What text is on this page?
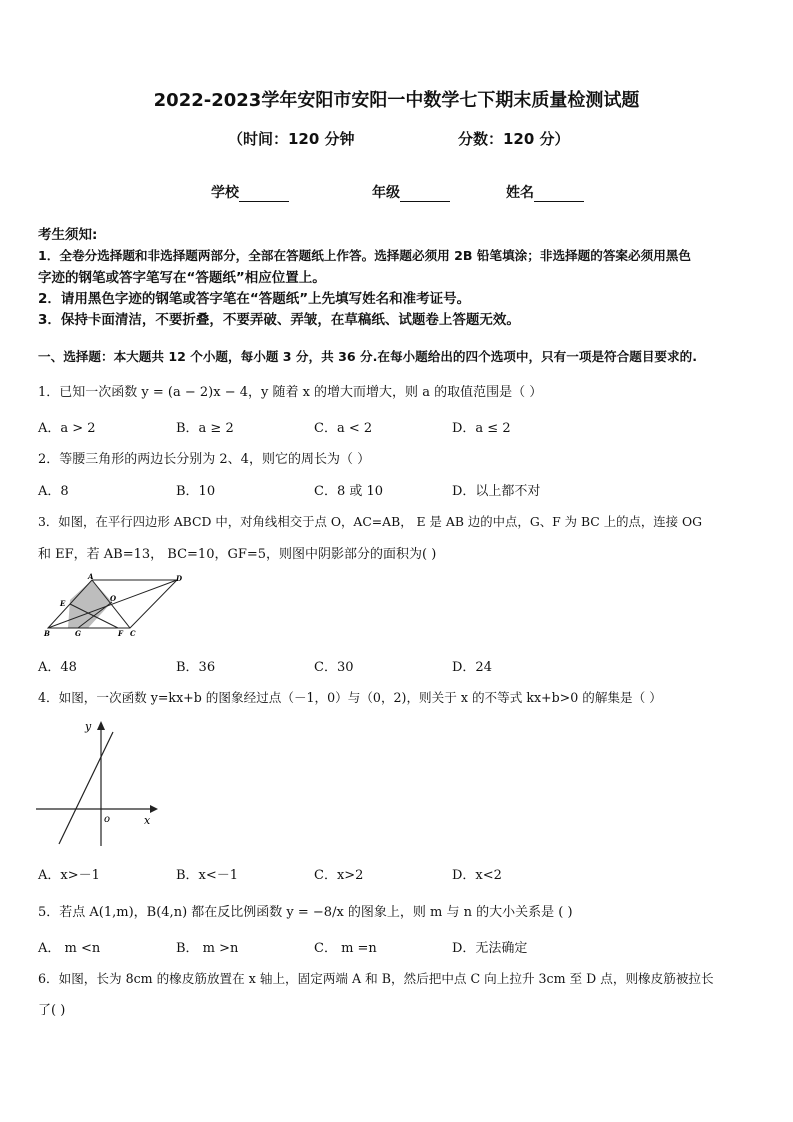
2022-2023学年安阳市安阳一中数学七下期末质量检测试题
（时间：120 分钟	分数：120 分）
学校	年级	姓名
考生须知:
1．全卷分选择题和非选择题两部分，全部在答题纸上作答。选择题必须用 2B 铅笔填涂；非选择题的答案必须用黑色
字迹的钢笔或答字笔写在“答题纸”相应位置上。
2．请用黑色字迹的钢笔或答字笔在“答题纸”上先填写姓名和准考证号。
3．保持卡面清洁，不要折叠，不要弄破、弄皱，在草稿纸、试题卷上答题无效。
一、选择题：本大题共 12 个小题，每小题 3 分，共 36 分.在每小题给出的四个选项中，只有一项是符合题目要求的.
1．已知一次函数 y = (a − 2)x − 4，y 随着 x 的增大而增大，则 a 的取值范围是（ ）
A．a > 2	B．a ≥ 2	C．a < 2	D．a ≤ 2
2．等腰三角形的两边长分别为 2、4，则它的周长为（ ）
A．8	B．10	C．8 或 10	D．以上都不对
3．如图，在平行四边形 ABCD 中，对角线相交于点 O，AC=AB， E 是 AB 边的中点，G、F 为 BC 上的点，连接 OG
和 EF，若 AB=13， BC=10，GF=5，则图中阴影部分的面积为( )
A	D
E
O
B	G	F C
A．48	B．36	C．30	D．24
4．如图，一次函数 y=kx+b 的图象经过点（－1，0）与（0，2)，则关于 x 的不等式 kx+b>0 的解集是（ ）
y
x
o
A．x>－1	B．x<－1	C．x>2	D．x<2
5．若点 A(1,m)，B(4,n) 都在反比例函数 y = −8/x 的图象上，则 m 与 n 的大小关系是 ( )
A． m <n	B． m >n	C． m =n	D．无法确定
6．如图，长为 8cm 的橡皮筋放置在 x 轴上，固定两端 A 和 B，然后把中点 C 向上拉升 3cm 至 D 点，则橡皮筋被拉长
了( )
